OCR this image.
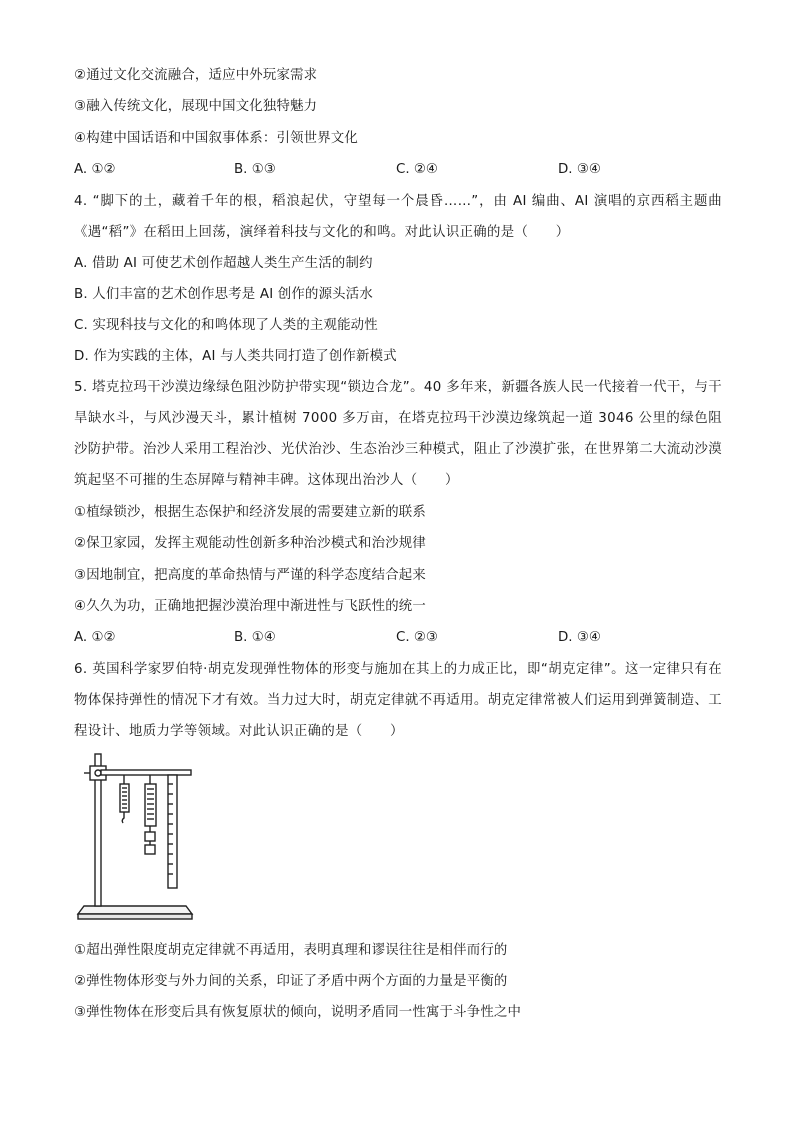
②通过文化交流融合，适应中外玩家需求
③融入传统文化，展现中国文化独特魅力
④构建中国话语和中国叙事体系：引领世界文化
A. ①②	B. ①③	C. ②④	D. ③④
4. “脚下的土，藏着千年的根，稻浪起伏，守望每一个晨昏……”，由 AI 编曲、AI 演唱的京西稻主题曲《遇“稻”》在稻田上回荡，演绎着科技与文化的和鸣。对此认识正确的是（　　）
A. 借助 AI 可使艺术创作超越人类生产生活的制约
B. 人们丰富的艺术创作思考是 AI 创作的源头活水
C. 实现科技与文化的和鸣体现了人类的主观能动性
D. 作为实践的主体，AI 与人类共同打造了创作新模式
5. 塔克拉玛干沙漠边缘绿色阻沙防护带实现“锁边合龙”。40 多年来，新疆各族人民一代接着一代干，与干旱缺水斗，与风沙漫天斗，累计植树 7000 多万亩，在塔克拉玛干沙漠边缘筑起一道 3046 公里的绿色阻沙防护带。治沙人采用工程治沙、光伏治沙、生态治沙三种模式，阻止了沙漠扩张，在世界第二大流动沙漠筑起坚不可摧的生态屏障与精神丰碑。这体现出治沙人（　　）
①植绿锁沙，根据生态保护和经济发展的需要建立新的联系
②保卫家园，发挥主观能动性创新多种治沙模式和治沙规律
③因地制宜，把高度的革命热情与严谨的科学态度结合起来
④久久为功，正确地把握沙漠治理中渐进性与飞跃性的统一
A. ①②	B. ①④	C. ②③	D. ③④
6. 英国科学家罗伯特·胡克发现弹性物体的形变与施加在其上的力成正比，即“胡克定律”。这一定律只有在物体保持弹性的情况下才有效。当力过大时，胡克定律就不再适用。胡克定律常被人们运用到弹簧制造、工程设计、地质力学等领域。对此认识正确的是（　　）
①超出弹性限度胡克定律就不再适用，表明真理和谬误往往是相伴而行的
②弹性物体形变与外力间的关系，印证了矛盾中两个方面的力量是平衡的
③弹性物体在形变后具有恢复原状的倾向，说明矛盾同一性寓于斗争性之中
